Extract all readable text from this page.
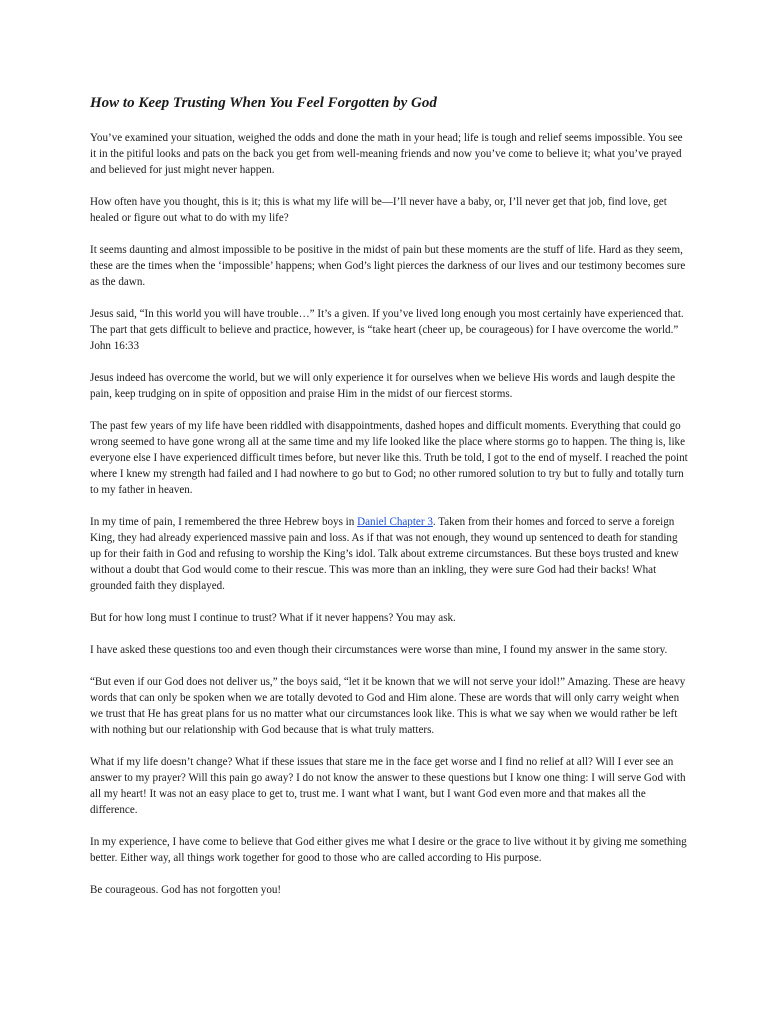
How to Keep Trusting When You Feel Forgotten by God

You’ve examined your situation, weighed the odds and done the math in your head; life is tough and relief seems impossible. You see it in the pitiful looks and pats on the back you get from well-meaning friends and now you’ve come to believe it; what you’ve prayed and believed for just might never happen.

How often have you thought, this is it; this is what my life will be—I’ll never have a baby, or, I’ll never get that job, find love, get healed or figure out what to do with my life?

It seems daunting and almost impossible to be positive in the midst of pain but these moments are the stuff of life. Hard as they seem, these are the times when the ‘impossible’ happens; when God’s light pierces the darkness of our lives and our testimony becomes sure as the dawn.

Jesus said, “In this world you will have trouble…” It’s a given. If you’ve lived long enough you most certainly have experienced that. The part that gets difficult to believe and practice, however, is “take heart (cheer up, be courageous) for I have overcome the world.” John 16:33

Jesus indeed has overcome the world, but we will only experience it for ourselves when we believe His words and laugh despite the pain, keep trudging on in spite of opposition and praise Him in the midst of our fiercest storms.

The past few years of my life have been riddled with disappointments, dashed hopes and difficult moments. Everything that could go wrong seemed to have gone wrong all at the same time and my life looked like the place where storms go to happen. The thing is, like everyone else I have experienced difficult times before, but never like this. Truth be told, I got to the end of myself. I reached the point where I knew my strength had failed and I had nowhere to go but to God; no other rumored solution to try but to fully and totally turn to my father in heaven.

In my time of pain, I remembered the three Hebrew boys in Daniel Chapter 3. Taken from their homes and forced to serve a foreign King, they had already experienced massive pain and loss. As if that was not enough, they wound up sentenced to death for standing up for their faith in God and refusing to worship the King’s idol. Talk about extreme circumstances. But these boys trusted and knew without a doubt that God would come to their rescue. This was more than an inkling, they were sure God had their backs! What grounded faith they displayed.

But for how long must I continue to trust? What if it never happens? You may ask.

I have asked these questions too and even though their circumstances were worse than mine, I found my answer in the same story.

“But even if our God does not deliver us,” the boys said, “let it be known that we will not serve your idol!” Amazing. These are heavy words that can only be spoken when we are totally devoted to God and Him alone. These are words that will only carry weight when we trust that He has great plans for us no matter what our circumstances look like. This is what we say when we would rather be left with nothing but our relationship with God because that is what truly matters.

What if my life doesn’t change? What if these issues that stare me in the face get worse and I find no relief at all? Will I ever see an answer to my prayer? Will this pain go away? I do not know the answer to these questions but I know one thing: I will serve God with all my heart! It was not an easy place to get to, trust me. I want what I want, but I want God even more and that makes all the difference.

In my experience, I have come to believe that God either gives me what I desire or the grace to live without it by giving me something better. Either way, all things work together for good to those who are called according to His purpose.

Be courageous. God has not forgotten you!
